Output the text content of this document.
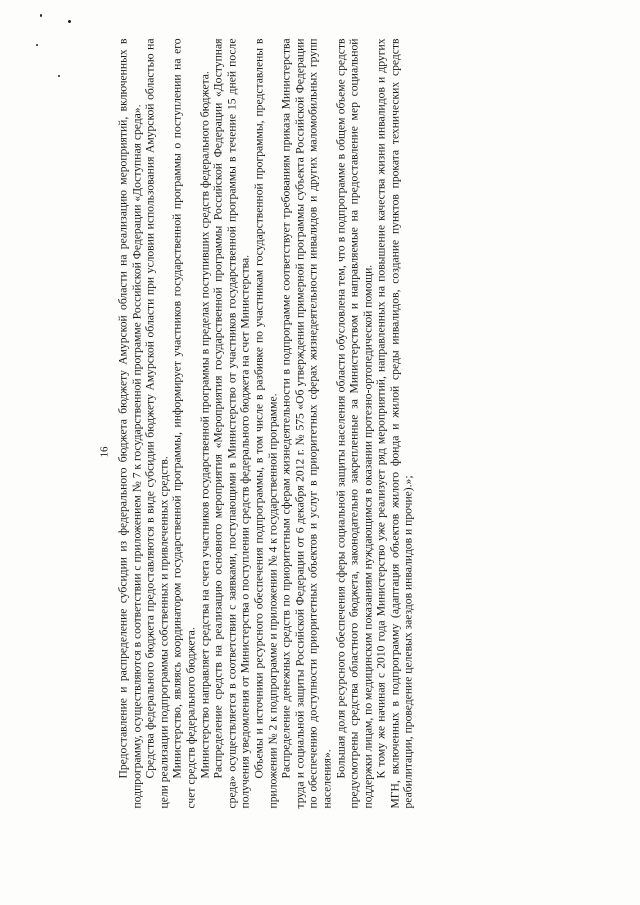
16 Предоставление и распределение субсидии из федерального бюджета бюджету Амурской области на реализацию мероприятий, включенных в подпрограмму, осуществляются в соответствии с приложением № 7 к государственной программе Российской Федерации «Доступная среда». Средства федерального бюджета предоставляются в виде субсидии бюджету Амурской области при условии использования Амурской областью на цели реализации подпрограммы собственных и привлеченных средств. Министерство, являясь координатором государственной программы, информирует участников государственной программы о поступлении на его счет средств федерального бюджета. Министерство направляет средства на счета участников государственной программы в пределах поступивших средств федерального бюджета. Распределение средств на реализацию основного мероприятия «Мероприятия государственной программы Российской Федерации «Доступная среда» осуществляется в соответствии с заявками, поступающими в Министерство от участников государственной программы в течение 15 дней после получения уведомления от Министерства о поступлении средств федерального бюджета на счет Министерства. Объемы и источники ресурсного обеспечения подпрограммы, в том числе в разбивке по участникам государственной программы, представлены в приложении № 2 к подпрограмме и приложении № 4 к государственной программе. Распределение денежных средств по приоритетным сферам жизнедеятельности в подпрограмме соответствует требованиям приказа Министерства труда и социальной защиты Российской Федерации от 6 декабря 2012 г. № 575 «Об утверждении примерной программы субъекта Российской Федерации по обеспечению доступности приоритетных объектов и услуг в приоритетных сферах жизнедеятельности инвалидов и других маломобильных групп населения».

Большая доля ресурсного обеспечения сферы социальной защиты населения области обусловлена тем, что в подпрограмме в общем объеме средств предусмотрены средства областного бюджета, законодательно закрепленные за Министерством и направляемые на предоставление мер социальной поддержки лицам, по медицинским показаниям нуждающимся в оказании протезно-ортопедической помощи. К тому же начиная с 2010 года Министерство уже реализует ряд мероприятий, направленных на повышение качества жизни инвалидов и других МГН, включенных в подпрограмму (адаптация объектов жилого фонда и жилой среды инвалидов, создание пунктов проката технических средств реабилитации, проведение целевых заездов инвалидов и прочие).»;
